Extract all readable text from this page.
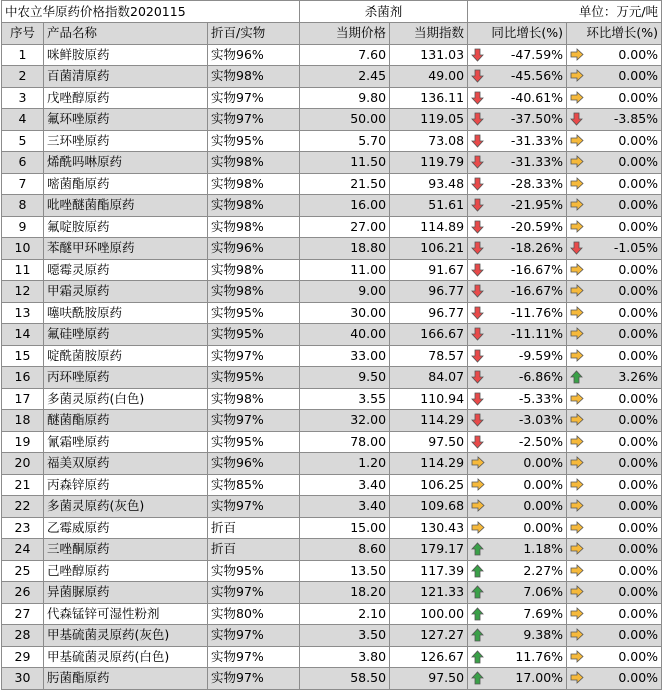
中农立华原药价格指数2020115			杀菌剂		单位：万元/吨	
序号	产品名称	折百/实物	当期价格	当期指数	同比增长(%)	环比增长(%)
1	咪鲜胺原药	实物96%	7.60	131.03	-47.59%	0.00%

2	百菌清原药	实物98%	2.45	49.00	-45.56%	0.00%

3	戊唑醇原药	实物97%	9.80	136.11	-40.61%	0.00%

4	氟环唑原药	实物97%	50.00	119.05	-37.50%	-3.85%

5	三环唑原药	实物95%	5.70	73.08	-31.33%	0.00%

6	烯酰吗啉原药	实物98%	11.50	119.79	-31.33%	0.00%

7	嘧菌酯原药	实物98%	21.50	93.48	-28.33%	0.00%

8	吡唑醚菌酯原药	实物98%	16.00	51.61	-21.95%	0.00%

9	氟啶胺原药	实物98%	27.00	114.89	-20.59%	0.00%

10	苯醚甲环唑原药	实物96%	18.80	106.21	-18.26%	-1.05%

11	噁霉灵原药	实物98%	11.00	91.67	-16.67%	0.00%

12	甲霜灵原药	实物98%	9.00	96.77	-16.67%	0.00%

13	噻呋酰胺原药	实物95%	30.00	96.77	-11.76%	0.00%

14	氟硅唑原药	实物95%	40.00	166.67	-11.11%	0.00%

15	啶酰菌胺原药	实物97%	33.00	78.57	-9.59%	0.00%

16	丙环唑原药	实物95%	9.50	84.07	-6.86%	3.26%

17	多菌灵原药(白色)	实物98%	3.55	110.94	-5.33%	0.00%

18	醚菌酯原药	实物97%	32.00	114.29	-3.03%	0.00%

19	氰霜唑原药	实物95%	78.00	97.50	-2.50%	0.00%

20	福美双原药	实物96%	1.20	114.29	0.00%	0.00%

21	丙森锌原药	实物85%	3.40	106.25	0.00%	0.00%

22	多菌灵原药(灰色)	实物97%	3.40	109.68	0.00%	0.00%

23	乙霉威原药	折百	15.00	130.43	0.00%	0.00%

24	三唑酮原药	折百	8.60	179.17	1.18%	0.00%

25	己唑醇原药	实物95%	13.50	117.39	2.27%	0.00%

26	异菌脲原药	实物97%	18.20	121.33	7.06%	0.00%

27	代森锰锌可湿性粉剂	实物80%	2.10	100.00	7.69%	0.00%

28	甲基硫菌灵原药(灰色)	实物97%	3.50	127.27	9.38%	0.00%

29	甲基硫菌灵原药(白色)	实物97%	3.80	126.67	11.76%	0.00%

30	肟菌酯原药	实物97%	58.50	97.50	17.00%	0.00%
